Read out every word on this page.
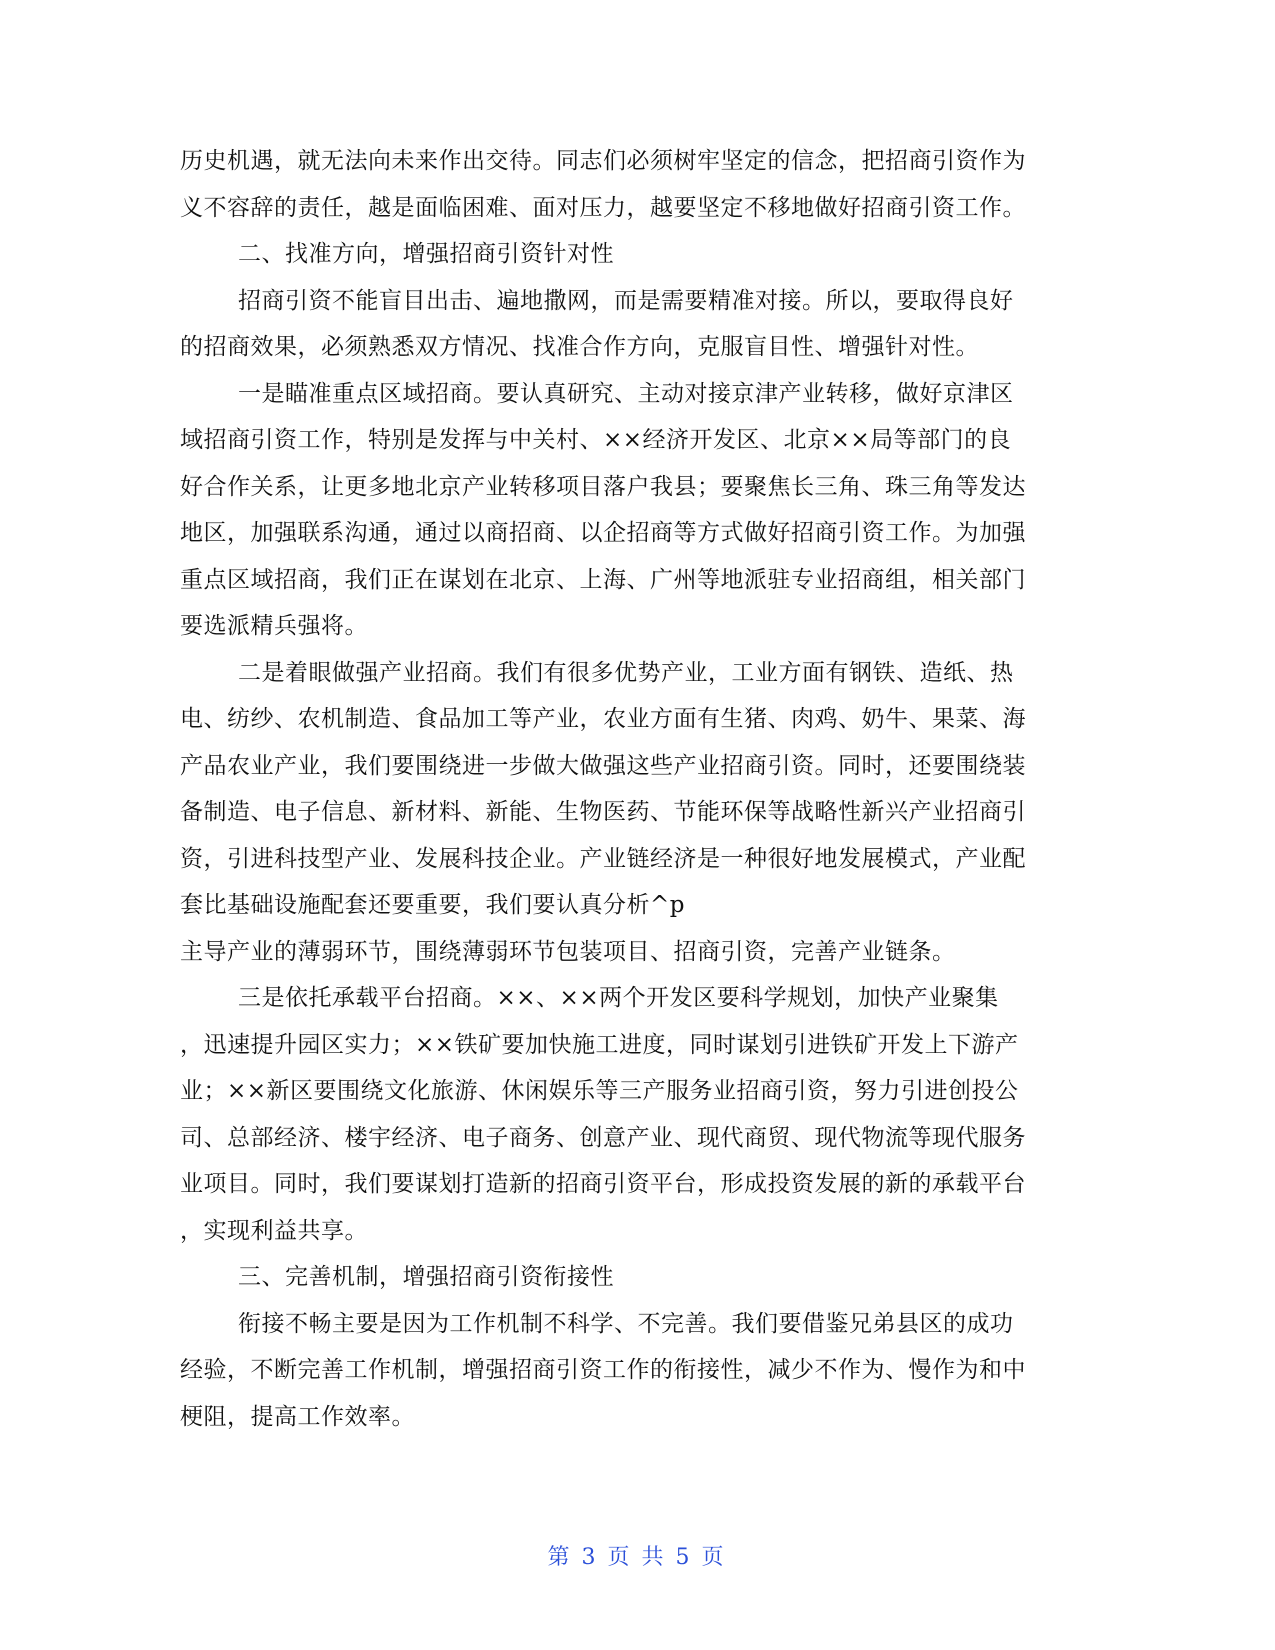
历史机遇，就无法向未来作出交待。同志们必须树牢坚定的信念，把招商引资作为
义不容辞的责任，越是面临困难、面对压力，越要坚定不移地做好招商引资工作。
二、找准方向，增强招商引资针对性
招商引资不能盲目出击、遍地撒网，而是需要精准对接。所以，要取得良好
的招商效果，必须熟悉双方情况、找准合作方向，克服盲目性、增强针对性。
一是瞄准重点区域招商。要认真研究、主动对接京津产业转移，做好京津区
域招商引资工作，特别是发挥与中关村、××经济开发区、北京××局等部门的良
好合作关系，让更多地北京产业转移项目落户我县；要聚焦长三角、珠三角等发达
地区，加强联系沟通，通过以商招商、以企招商等方式做好招商引资工作。为加强
重点区域招商，我们正在谋划在北京、上海、广州等地派驻专业招商组，相关部门
要选派精兵强将。
二是着眼做强产业招商。我们有很多优势产业，工业方面有钢铁、造纸、热
电、纺纱、农机制造、食品加工等产业，农业方面有生猪、肉鸡、奶牛、果菜、海
产品农业产业，我们要围绕进一步做大做强这些产业招商引资。同时，还要围绕装
备制造、电子信息、新材料、新能、生物医药、节能环保等战略性新兴产业招商引
资，引进科技型产业、发展科技企业。产业链经济是一种很好地发展模式，产业配
套比基础设施配套还要重要，我们要认真分析^p
主导产业的薄弱环节，围绕薄弱环节包装项目、招商引资，完善产业链条。
三是依托承载平台招商。××、××两个开发区要科学规划，加快产业聚集
，迅速提升园区实力；××铁矿要加快施工进度，同时谋划引进铁矿开发上下游产
业；××新区要围绕文化旅游、休闲娱乐等三产服务业招商引资，努力引进创投公
司、总部经济、楼宇经济、电子商务、创意产业、现代商贸、现代物流等现代服务
业项目。同时，我们要谋划打造新的招商引资平台，形成投资发展的新的承载平台
，实现利益共享。
三、完善机制，增强招商引资衔接性
衔接不畅主要是因为工作机制不科学、不完善。我们要借鉴兄弟县区的成功
经验，不断完善工作机制，增强招商引资工作的衔接性，减少不作为、慢作为和中
梗阻，提高工作效率。
第 3 页 共 5 页
